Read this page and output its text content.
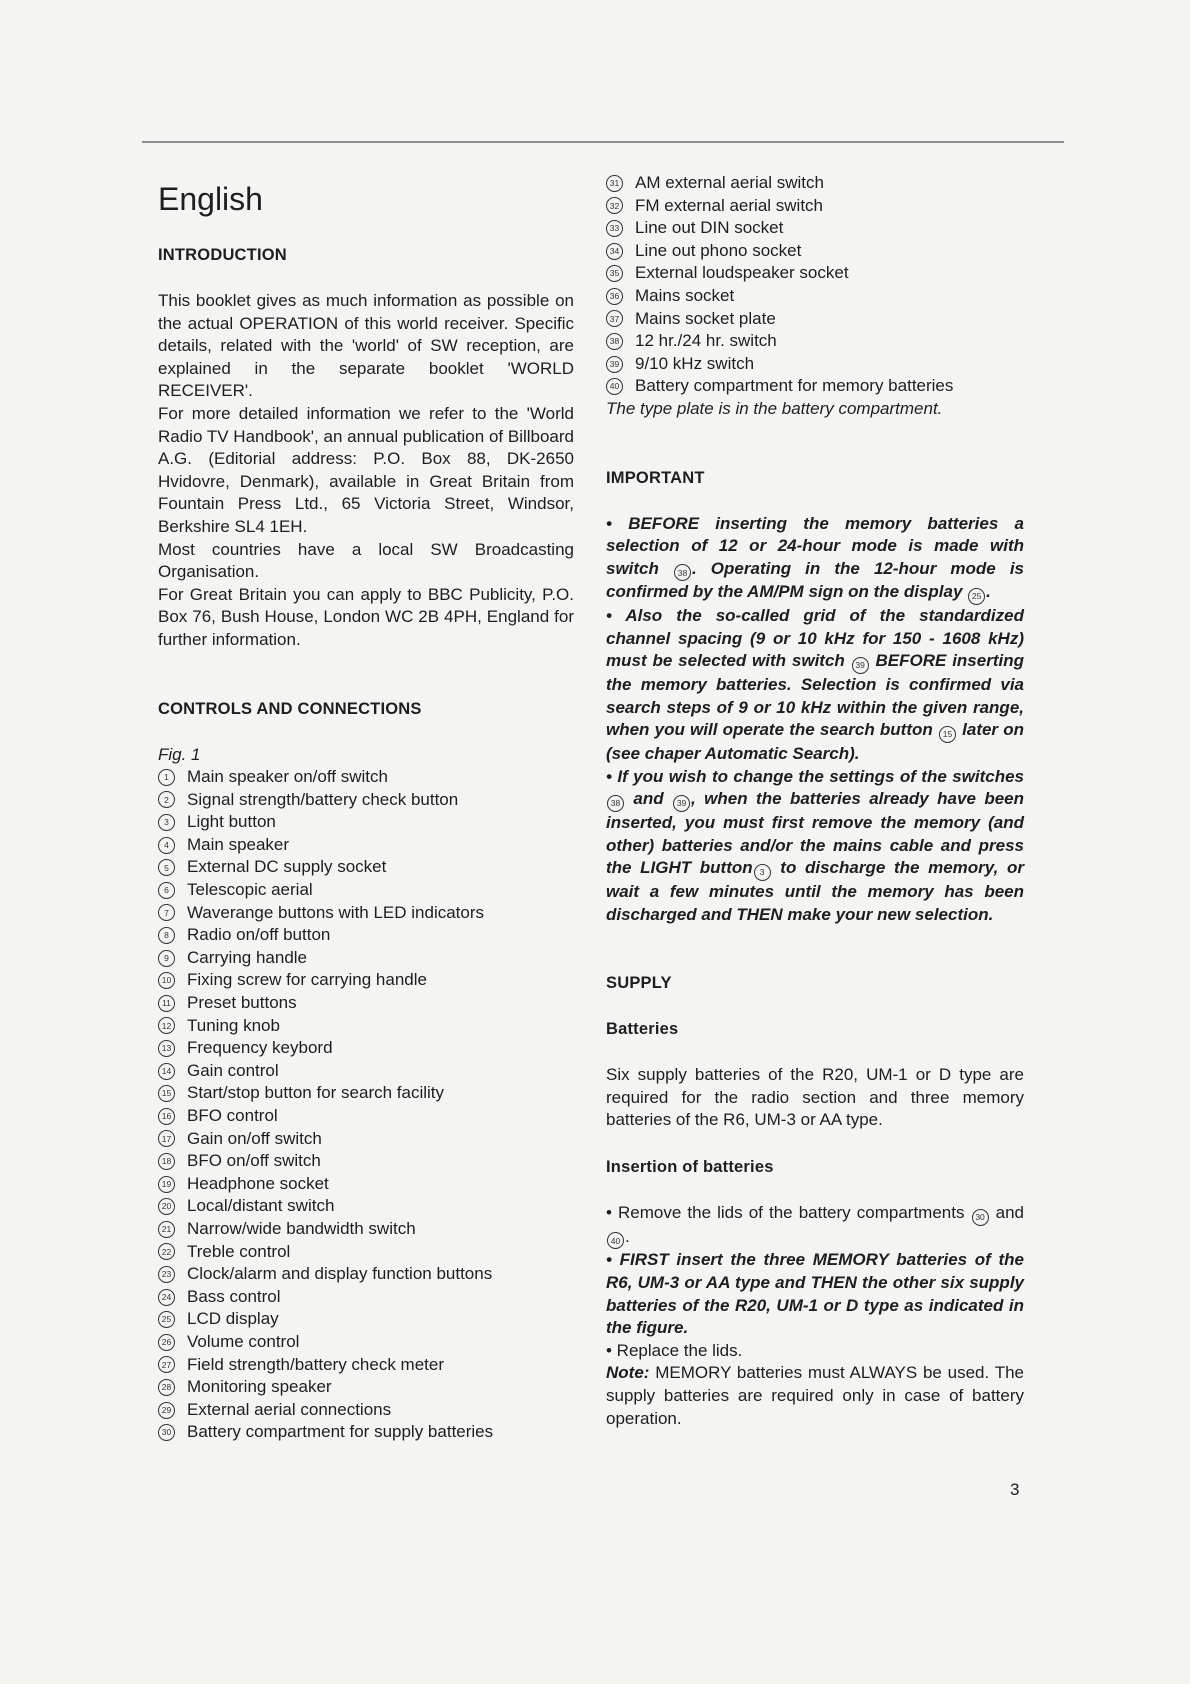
English
INTRODUCTION

This booklet gives as much information as possible on the actual OPERATION of this world receiver. Specific details, related with the 'world' of SW reception, are explained in the separate booklet 'WORLD RECEIVER'.

For more detailed information we refer to the 'World Radio TV Handbook', an annual publication of Billboard A.G. (Editorial address: P.O. Box 88, DK-2650 Hvidovre, Denmark), available in Great Britain from Fountain Press Ltd., 65 Victoria Street, Windsor, Berkshire SL4 1EH.

Most countries have a local SW Broadcasting Organisation.

For Great Britain you can apply to BBC Publicity, P.O. Box 76, Bush House, London WC 2B 4PH, England for further information.

CONTROLS AND CONNECTIONS
Fig. 1
1	Main speaker on/off switch
2	Signal strength/battery check button
3	Light button
4	Main speaker
5	External DC supply socket
6	Telescopic aerial
7	Waverange buttons with LED indicators
8	Radio on/off button
9	Carrying handle
10 Fixing screw for carrying handle
11 Preset buttons
12 Tuning knob
13 Frequency keybord
14 Gain control
15 Start/stop button for search facility
16 BFO control
17 Gain on/off switch
18 BFO on/off switch
19 Headphone socket
20 Local/distant switch
21 Narrow/wide bandwidth switch
22 Treble control
23 Clock/alarm and display function buttons
24 Bass control
25 LCD display
26 Volume control
27 Field strength/battery check meter
28 Monitoring speaker
29 External aerial connections
30 Battery compartment for supply batteries
31 AM external aerial switch
32 FM external aerial switch
33 Line out DIN socket
34 Line out phono socket
35 External loudspeaker socket
36 Mains socket
37 Mains socket plate
38 12 hr./24 hr. switch
39 9/10 kHz switch
40 Battery compartment for memory batteries

The type plate is in the battery compartment.

IMPORTANT

• BEFORE inserting the memory batteries a selection of 12 or 24-hour mode is made with switch 38 . Operating in the 12-hour mode is confirmed by the AM/PM sign on the display 25 .

• Also the so-called grid of the standardized channel spacing (9 or 10 kHz for 150 - 1608 kHz) must be selected with switch 39 BEFORE inserting the memory batteries. Selection is confirmed via search steps of 9 or 10 kHz within the given range, when you will operate the search button 15 later on (see chaper Automatic Search).

• If you wish to change the settings of the switches 38 and 39 , when the batteries already have been inserted, you must first remove the memory (and other) batteries and/or the mains cable and press the LIGHT button 3 to discharge the memory, or wait a few minutes until the memory has been discharged and THEN make your new selection.

SUPPLY
Batteries

Six supply batteries of the R20, UM-1 or D type are required for the radio section and three memory batteries of the R6, UM-3 or AA type.

Insertion of batteries

• Remove the lids of the battery compartments 30 and 40 .

• FIRST insert the three MEMORY batteries of the R6, UM-3 or AA type and THEN the other six supply batteries of the R20, UM-1 or D type as indicated in the figure.

• Replace the lids.

Note: MEMORY batteries must ALWAYS be used. The supply batteries are required only in case of battery operation.

3
